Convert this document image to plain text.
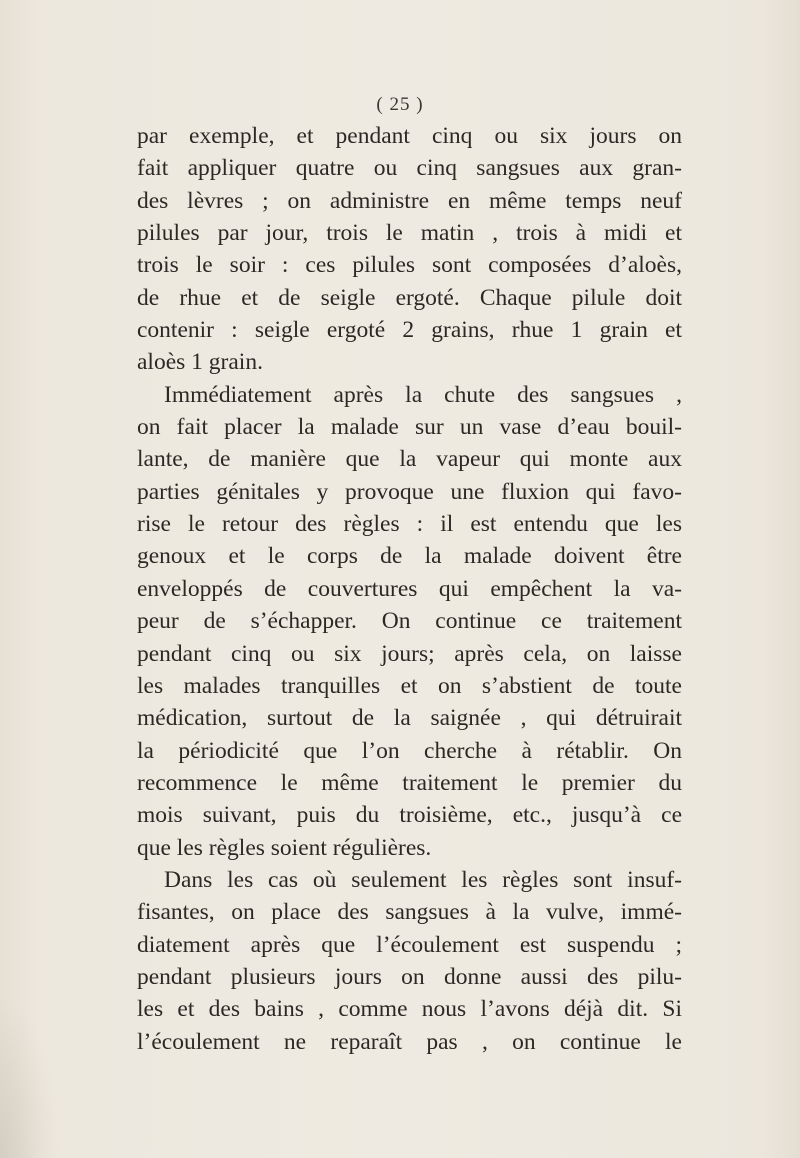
( 25 )
par exemple, et pendant cinq ou six jours on
fait appliquer quatre ou cinq sangsues aux gran-
des lèvres ; on administre en même temps neuf
pilules par jour, trois le matin , trois à midi et
trois le soir : ces pilules sont composées d’aloès,
de rhue et de seigle ergoté. Chaque pilule doit
contenir : seigle ergoté 2 grains, rhue 1 grain et
aloès 1 grain.
Immédiatement après la chute des sangsues ,
on fait placer la malade sur un vase d’eau bouil-
lante, de manière que la vapeur qui monte aux
parties génitales y provoque une fluxion qui favo-
rise le retour des règles : il est entendu que les
genoux et le corps de la malade doivent être
enveloppés de couvertures qui empêchent la va-
peur de s’échapper. On continue ce traitement
pendant cinq ou six jours; après cela, on laisse
les malades tranquilles et on s’abstient de toute
médication, surtout de la saignée , qui détruirait
la périodicité que l’on cherche à rétablir. On
recommence le même traitement le premier du
mois suivant, puis du troisième, etc., jusqu’à ce
que les règles soient régulières.
Dans les cas où seulement les règles sont insuf-
fisantes, on place des sangsues à la vulve, immé-
diatement après que l’écoulement est suspendu ;
pendant plusieurs jours on donne aussi des pilu-
les et des bains , comme nous l’avons déjà dit. Si
l’écoulement ne reparaît pas , on continue le
